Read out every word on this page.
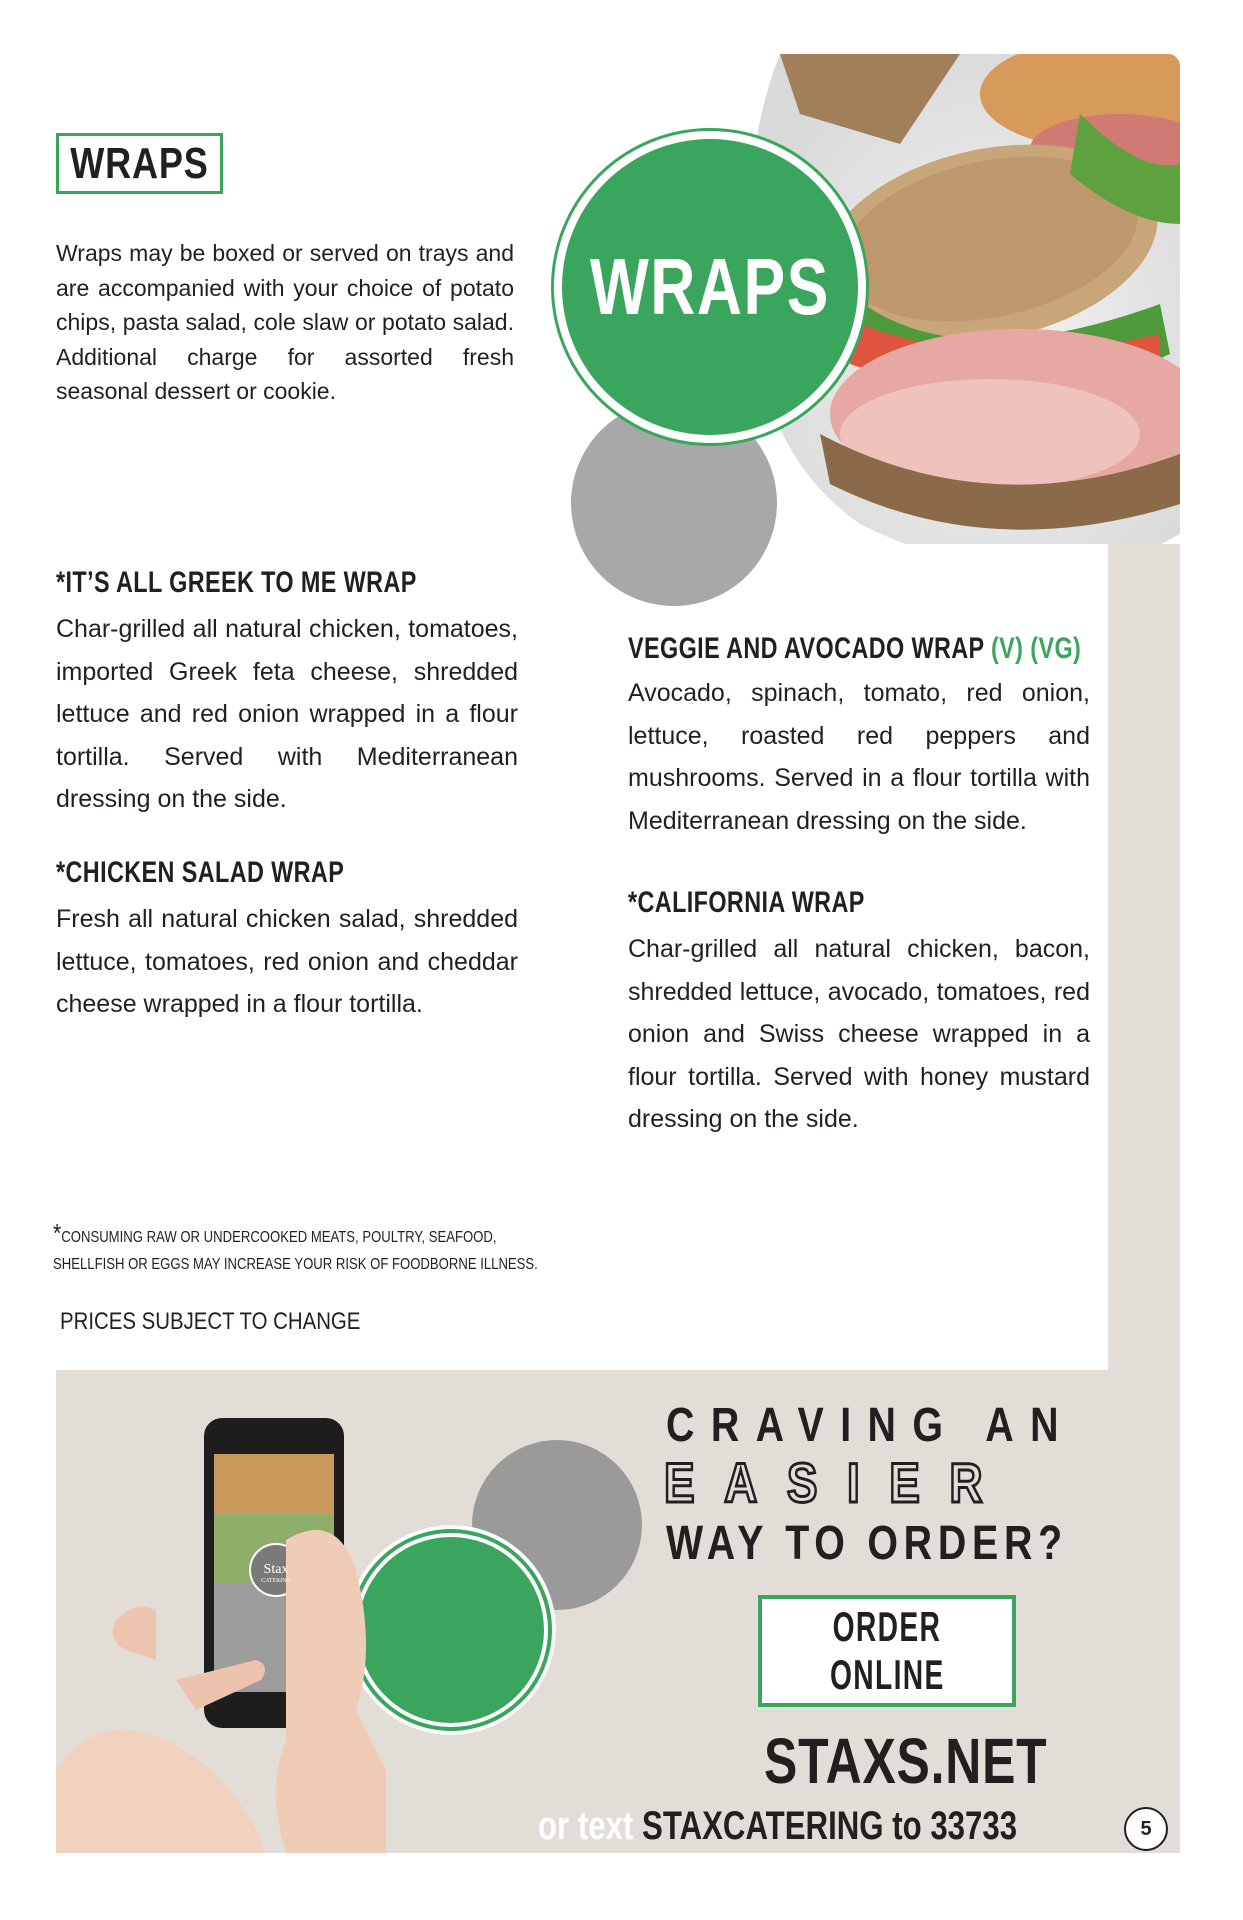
WRAPS
Wraps may be boxed or served on trays and are accompanied with your choice of potato chips, pasta salad, cole slaw or potato salad. Additional charge for assorted fresh seasonal dessert or cookie.
WRAPS
*IT’S ALL GREEK TO ME WRAP
Char-grilled all natural chicken, tomatoes, imported Greek feta cheese, shredded lettuce and red onion wrapped in a flour tortilla. Served with Mediterranean dressing on the side.
*CHICKEN SALAD WRAP
Fresh all natural chicken salad, shredded lettuce, tomatoes, red onion and cheddar cheese wrapped in a flour tortilla.
VEGGIE AND AVOCADO WRAP (V) (VG)
Avocado, spinach, tomato, red onion, lettuce, roasted red peppers and mushrooms. Served in a flour tortilla with Mediterranean dressing on the side.
*CALIFORNIA WRAP
Char-grilled all natural chicken, bacon, shredded lettuce, avocado, tomatoes, red onion and Swiss cheese wrapped in a flour tortilla. Served with honey mustard dressing on the side.
*CONSUMING RAW OR UNDERCOOKED MEATS, POULTRY, SEAFOOD,
SHELLFISH OR EGGS MAY INCREASE YOUR RISK OF FOODBORNE ILLNESS.
PRICES SUBJECT TO CHANGE
Stax
CATERING
CRAVING AN
EASIER
WAY TO ORDER?
ORDER
ONLINE
STAXS.NET
or text STAXCATERING to 33733	5
